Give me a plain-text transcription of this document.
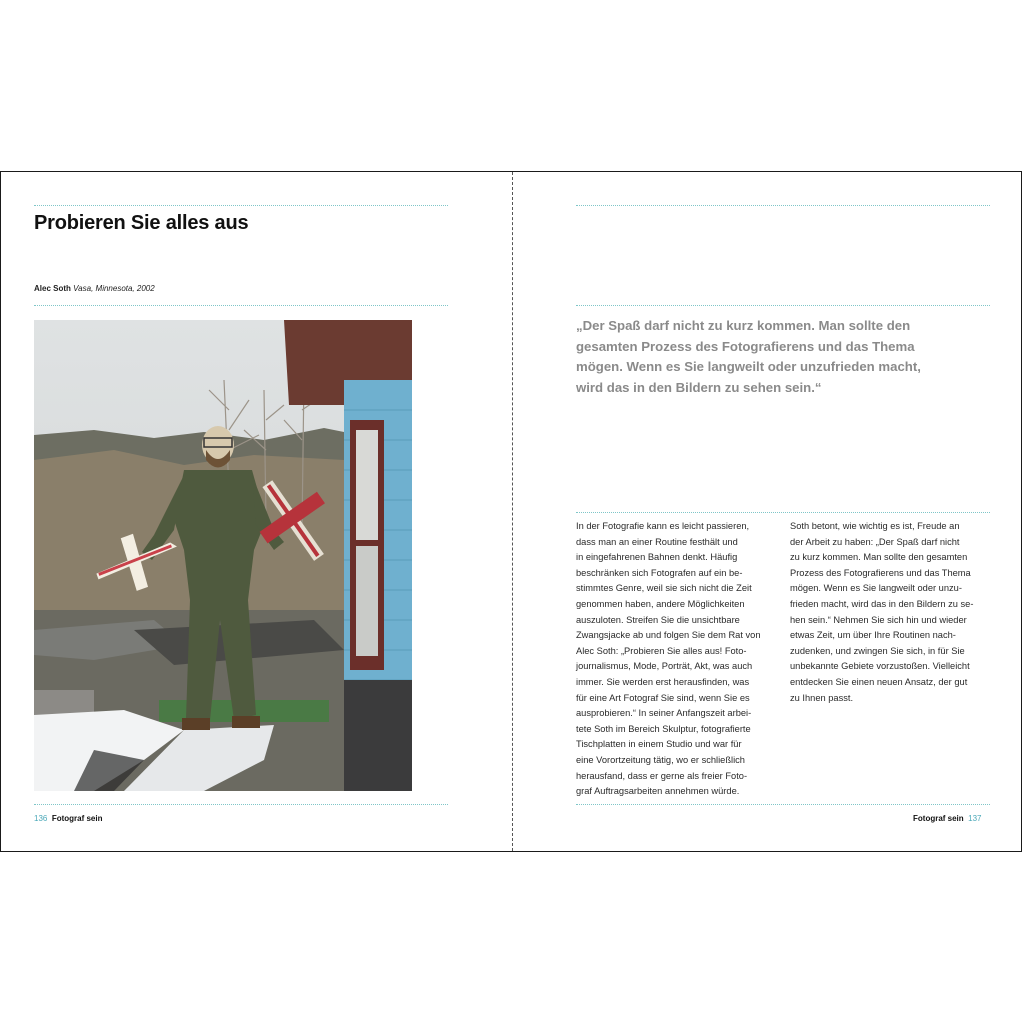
Probieren Sie alles aus
Alec Soth Vasa, Minnesota, 2002
136 Fotograf sein

„Der Spaß darf nicht zu kurz kommen. Man sollte den
gesamten Prozess des Fotografierens und das Thema
mögen. Wenn es Sie langweilt oder unzufrieden macht,
wird das in den Bildern zu sehen sein.“

In der Fotografie kann es leicht passieren,
dass man an einer Routine festhält und
in eingefahrenen Bahnen denkt. Häufig
beschränken sich Fotografen auf ein be-
stimmtes Genre, weil sie sich nicht die Zeit
genommen haben, andere Möglichkeiten
auszuloten. Streifen Sie die unsichtbare
Zwangsjacke ab und folgen Sie dem Rat von
Alec Soth: „Probieren Sie alles aus! Foto-
journalismus, Mode, Porträt, Akt, was auch
immer. Sie werden erst herausfinden, was
für eine Art Fotograf Sie sind, wenn Sie es
ausprobieren.“ In seiner Anfangszeit arbei-
tete Soth im Bereich Skulptur, fotografierte
Tischplatten in einem Studio und war für
eine Vorortzeitung tätig, wo er schließlich
herausfand, dass er gerne als freier Foto-
graf Auftragsarbeiten annehmen würde.

Soth betont, wie wichtig es ist, Freude an
der Arbeit zu haben: „Der Spaß darf nicht
zu kurz kommen. Man sollte den gesamten
Prozess des Fotografierens und das Thema
mögen. Wenn es Sie langweilt oder unzu-
frieden macht, wird das in den Bildern zu se-
hen sein.“ Nehmen Sie sich hin und wieder
etwas Zeit, um über Ihre Routinen nach-
zudenken, und zwingen Sie sich, in für Sie
unbekannte Gebiete vorzustoßen. Vielleicht
entdecken Sie einen neuen Ansatz, der gut
zu Ihnen passt.

Fotograf sein 137
